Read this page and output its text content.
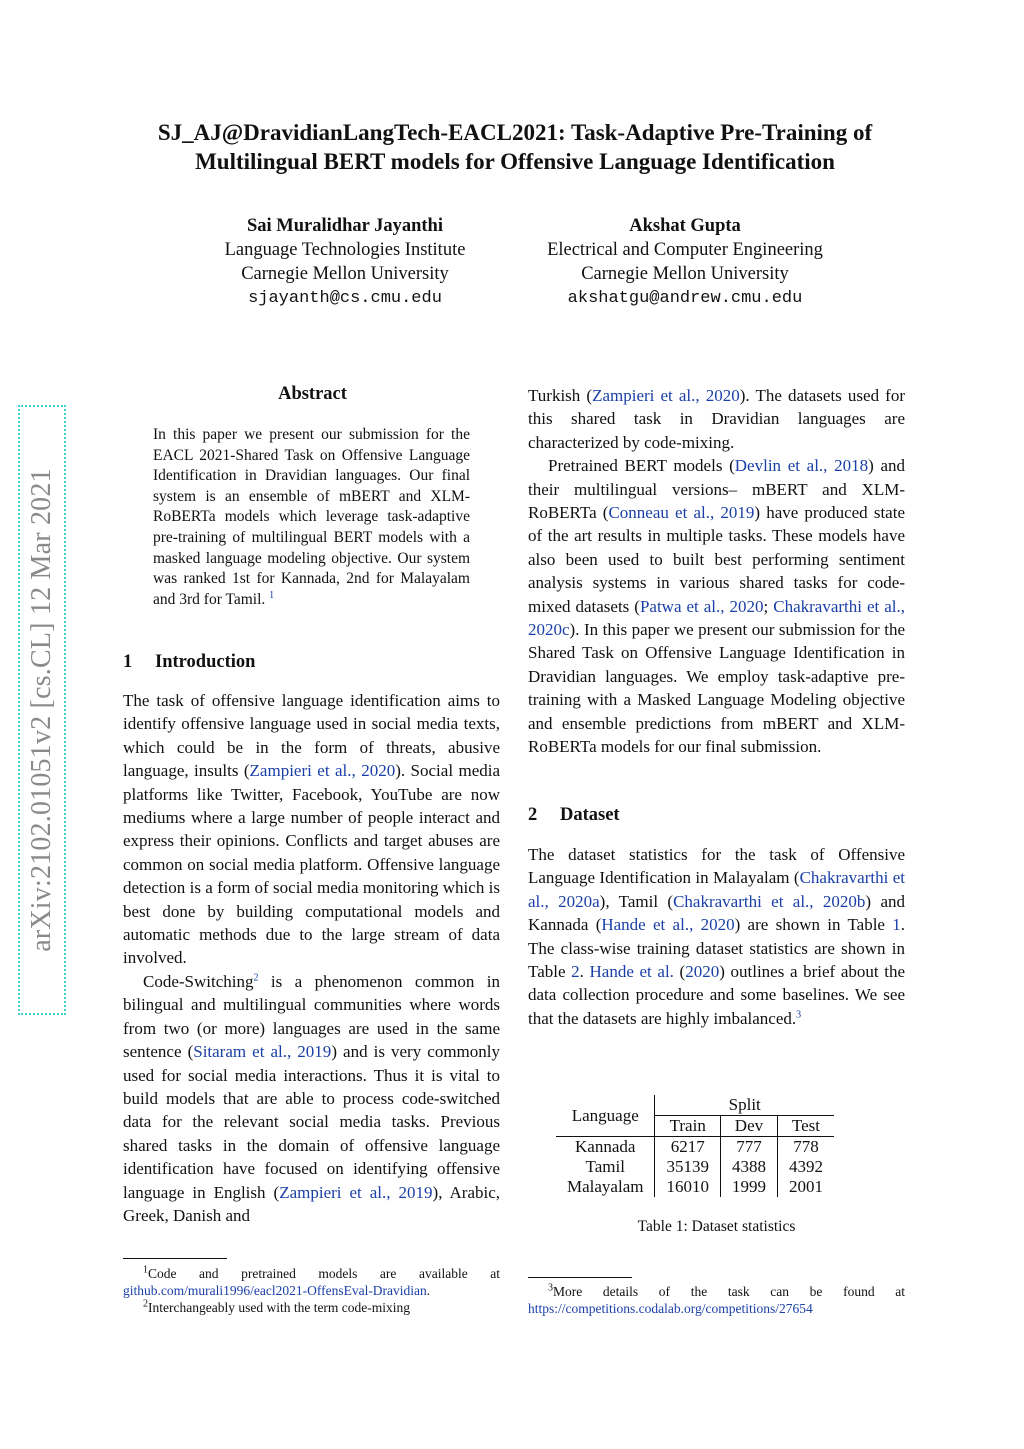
SJ_AJ@DravidianLangTech-EACL2021: Task-Adaptive Pre-Training of
Multilingual BERT models for Offensive Language Identification
Sai Muralidhar Jayanthi
Language Technologies Institute
Carnegie Mellon University
sjayanth@cs.cmu.edu
Akshat Gupta
Electrical and Computer Engineering
Carnegie Mellon University
akshatgu@andrew.cmu.edu
arXiv:2102.01051v2 [cs.CL] 12 Mar 2021
Abstract
In this paper we present our submission for the EACL 2021-Shared Task on Offensive Language Identification in Dravidian languages. Our final system is an ensemble of mBERT and XLM-RoBERTa models which leverage task-adaptive pre-training of multilingual BERT models with a masked language modeling objective. Our system was ranked 1st for Kannada, 2nd for Malayalam and 3rd for Tamil. $^1$
1 Introduction

The task of offensive language identification aims to identify offensive language used in social media texts, which could be in the form of threats, abusive language, insults (Zampieri et al., 2020). Social media platforms like Twitter, Facebook, YouTube are now mediums where a large number of people interact and express their opinions. Conflicts and target abuses are common on social media platform. Offensive language detection is a form of social media monitoring which is best done by building computational models and automatic methods due to the large stream of data involved.

Code-Switching$^2$ is a phenomenon common in bilingual and multilingual communities where words from two (or more) languages are used in the same sentence (Sitaram et al., 2019) and is very commonly used for social media interactions. Thus it is vital to build models that are able to process code-switched data for the relevant social media tasks. Previous shared tasks in the domain of offensive language identification have focused on identifying offensive language in English (Zampieri et al., 2019), Arabic, Greek, Danish and

$^1$Code and pretrained models are available at github.com/murali1996/eacl2021-OffensEval-Dravidian.
$^2$Interchangeably used with the term code-mixing

Turkish (Zampieri et al., 2020). The datasets used for this shared task in Dravidian languages are characterized by code-mixing.

Pretrained BERT models (Devlin et al., 2018) and their multilingual versions– mBERT and XLM-RoBERTa (Conneau et al., 2019) have produced state of the art results in multiple tasks. These models have also been used to built best performing sentiment analysis systems in various shared tasks for code-mixed datasets (Patwa et al., 2020; Chakravarthi et al., 2020c). In this paper we present our submission for the Shared Task on Offensive Language Identification in Dravidian languages. We employ task-adaptive pre-training with a Masked Language Modeling objective and ensemble predictions from mBERT and XLM-RoBERTa models for our final submission.

2 Dataset

The dataset statistics for the task of Offensive Language Identification in Malayalam (Chakravarthi et al., 2020a), Tamil (Chakravarthi et al., 2020b) and Kannada (Hande et al., 2020) are shown in Table 1. The class-wise training dataset statistics are shown in Table 2. Hande et al. (2020) outlines a brief about the data collection procedure and some baselines. We see that the datasets are highly imbalanced.$^3$

Language	Split		
	Train	Dev	Test
Kannada	6217	777	778
Tamil	35139	4388	4392
Malayalam	16010	1999	2001
Table 1: Dataset statistics
$^3$More details of the task can be found at https://competitions.codalab.org/competitions/27654
